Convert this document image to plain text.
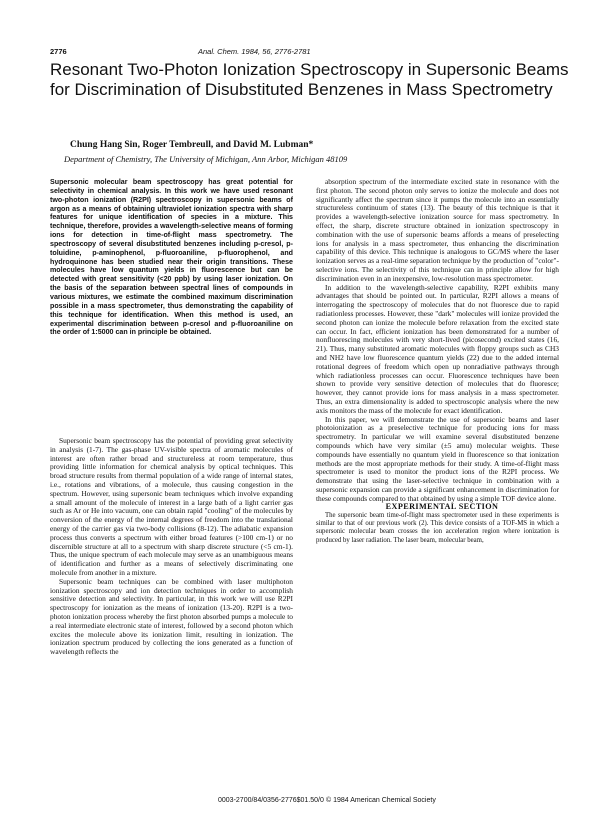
2776	Anal. Chem. 1984, 56, 2776-2781
Resonant Two-Photon Ionization Spectroscopy in Supersonic Beams for Discrimination of Disubstituted Benzenes in Mass Spectrometry
Chung Hang Sin, Roger Tembreull, and David M. Lubman*
Department of Chemistry, The University of Michigan, Ann Arbor, Michigan 48109

Supersonic molecular beam spectroscopy has great potential for selectivity in chemical analysis. In this work we have used resonant two-photon ionization (R2PI) spectroscopy in supersonic beams of argon as a means of obtaining ultraviolet ionization spectra with sharp features for unique identification of species in a mixture. This technique, therefore, provides a wavelength-selective means of forming ions for detection in time-of-flight mass spectrometry. The spectroscopy of several disubstituted benzenes including p-cresol, p-toluidine, p-aminophenol, p-fluoroaniline, p-fluorophenol, and hydroquinone has been studied near their origin transitions. These molecules have low quantum yields in fluorescence but can be detected with great sensitivity (<20 ppb) by using laser ionization. On the basis of the separation between spectral lines of compounds in various mixtures, we estimate the combined maximum discrimination possible in a mass spectrometer, thus demonstrating the capability of this technique for identification. When this method is used, an experimental discrimination between p-cresol and p-fluoroaniline on the order of 1:5000 can in principle be obtained.

Supersonic beam spectroscopy has the potential of providing great selectivity in analysis (1-7). The gas-phase UV-visible spectra of aromatic molecules of interest are often rather broad and structureless at room temperature, thus providing little information for chemical analysis by optical techniques. This broad structure results from thermal population of a wide range of internal states, i.e., rotations and vibrations, of a molecule, thus causing congestion in the spectrum. However, using supersonic beam techniques which involve expanding a small amount of the molecule of interest in a large bath of a light carrier gas such as Ar or He into vacuum, one can obtain rapid "cooling" of the molecules by conversion of the energy of the internal degrees of freedom into the translational energy of the carrier gas via two-body collisions (8-12). The adiabatic expansion process thus converts a spectrum with either broad features (>100 cm-1) or no discernible structure at all to a spectrum with sharp discrete structure (<5 cm-1). Thus, the unique spectrum of each molecule may serve as an unambiguous means of identification and further as a means of selectively discriminating one molecule from another in a mixture.

Supersonic beam techniques can be combined with laser multiphoton ionization spectroscopy and ion detection techniques in order to accomplish sensitive detection and selectivity. In particular, in this work we will use R2PI spectroscopy for ionization as the means of ionization (13-20). R2PI is a two-photon ionization process whereby the first photon absorbed pumps a molecule to a real intermediate electronic state of interest, followed by a second photon which excites the molecule above its ionization limit, resulting in ionization. The ionization spectrum produced by collecting the ions generated as a function of wavelength reflects the

absorption spectrum of the intermediate excited state in resonance with the first photon. The second photon only serves to ionize the molecule and does not significantly affect the spectrum since it pumps the molecule into an essentially structureless continuum of states (13). The beauty of this technique is that it provides a wavelength-selective ionization source for mass spectrometry. In effect, the sharp, discrete structure obtained in ionization spectroscopy in combination with the use of supersonic beams affords a means of preselecting ions for analysis in a mass spectrometer, thus enhancing the discrimination capability of this device. This technique is analogous to GC/MS where the laser ionization serves as a real-time separation technique by the production of "color"-selective ions. The selectivity of this technique can in principle allow for high discrimination even in an inexpensive, low-resolution mass spectrometer.

In addition to the wavelength-selective capability, R2PI exhibits many advantages that should be pointed out. In particular, R2PI allows a means of interrogating the spectroscopy of molecules that do not fluoresce due to rapid radiationless processes. However, these "dark" molecules will ionize provided the second photon can ionize the molecule before relaxation from the excited state can occur. In fact, efficient ionization has been demonstrated for a number of nonfluorescing molecules with very short-lived (picosecond) excited states (16, 21). Thus, many substituted aromatic molecules with floppy groups such as CH3 and NH2 have low fluorescence quantum yields (22) due to the added internal rotational degrees of freedom which open up nonradiative pathways through which radiationless processes can occur. Fluorescence techniques have been shown to provide very sensitive detection of molecules that do fluoresce; however, they cannot provide ions for mass analysis in a mass spectrometer. Thus, an extra dimensionality is added to spectroscopic analysis where the new axis monitors the mass of the molecule for exact identification.

In this paper, we will demonstrate the use of supersonic beams and laser photoionization as a preselective technique for producing ions for mass spectrometry. In particular we will examine several disubstituted benzene compounds which have very similar (±5 amu) molecular weights. These compounds have essentially no quantum yield in fluorescence so that ionization methods are the most appropriate methods for their study. A time-of-flight mass spectrometer is used to monitor the product ions of the R2PI process. We demonstrate that using the laser-selective technique in combination with a supersonic expansion can provide a significant enhancement in discrimination for these compounds compared to that obtained by using a simple TOF device alone.

EXPERIMENTAL SECTION

The supersonic beam time-of-flight mass spectrometer used in these experiments is similar to that of our previous work (2). This device consists of a TOF-MS in which a supersonic molecular beam crosses the ion acceleration region where ionization is produced by laser radiation. The laser beam, molecular beam,

0003-2700/84/0356-2776$01.50/0 © 1984 American Chemical Society
